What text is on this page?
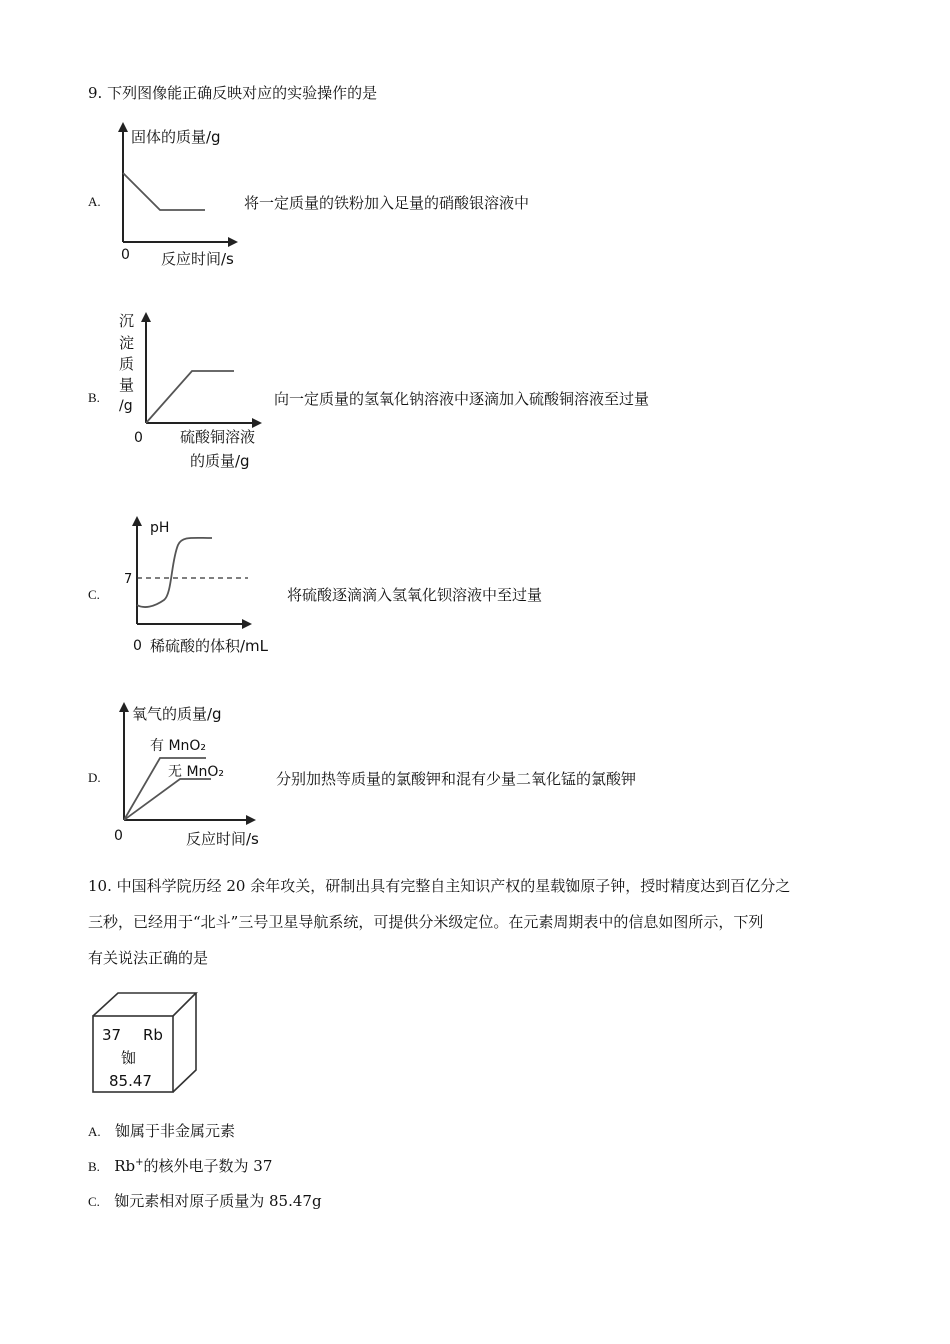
9. 下列图像能正确反映对应的实验操作的是
A.
固体的质量/g
0 反应时间/s
将一定质量的铁粉加入足量的硝酸银溶液中
B.
沉
淀
质
量
/g
0 硫酸铜溶液
的质量/g
向一定质量的氢氧化钠溶液中逐滴加入硫酸铜溶液至过量
C.
pH
7
0 稀硫酸的体积/mL
将硫酸逐滴滴入氢氧化钡溶液中至过量
D.
氧气的质量/g
有 MnO₂
无 MnO₂
0	反应时间/s
分别加热等质量的氯酸钾和混有少量二氧化锰的氯酸钾
10. 中国科学院历经 20 余年攻关，研制出具有完整自主知识产权的星载铷原子钟，授时精度达到百亿分之
三秒，已经用于“北斗”三号卫星导航系统，可提供分米级定位。在元素周期表中的信息如图所示，下列
有关说法正确的是
37 Rb
铷
85.47
A. 铷属于非金属元素
B. Rb+的核外电子数为 37
C. 铷元素相对原子质量为 85.47g
